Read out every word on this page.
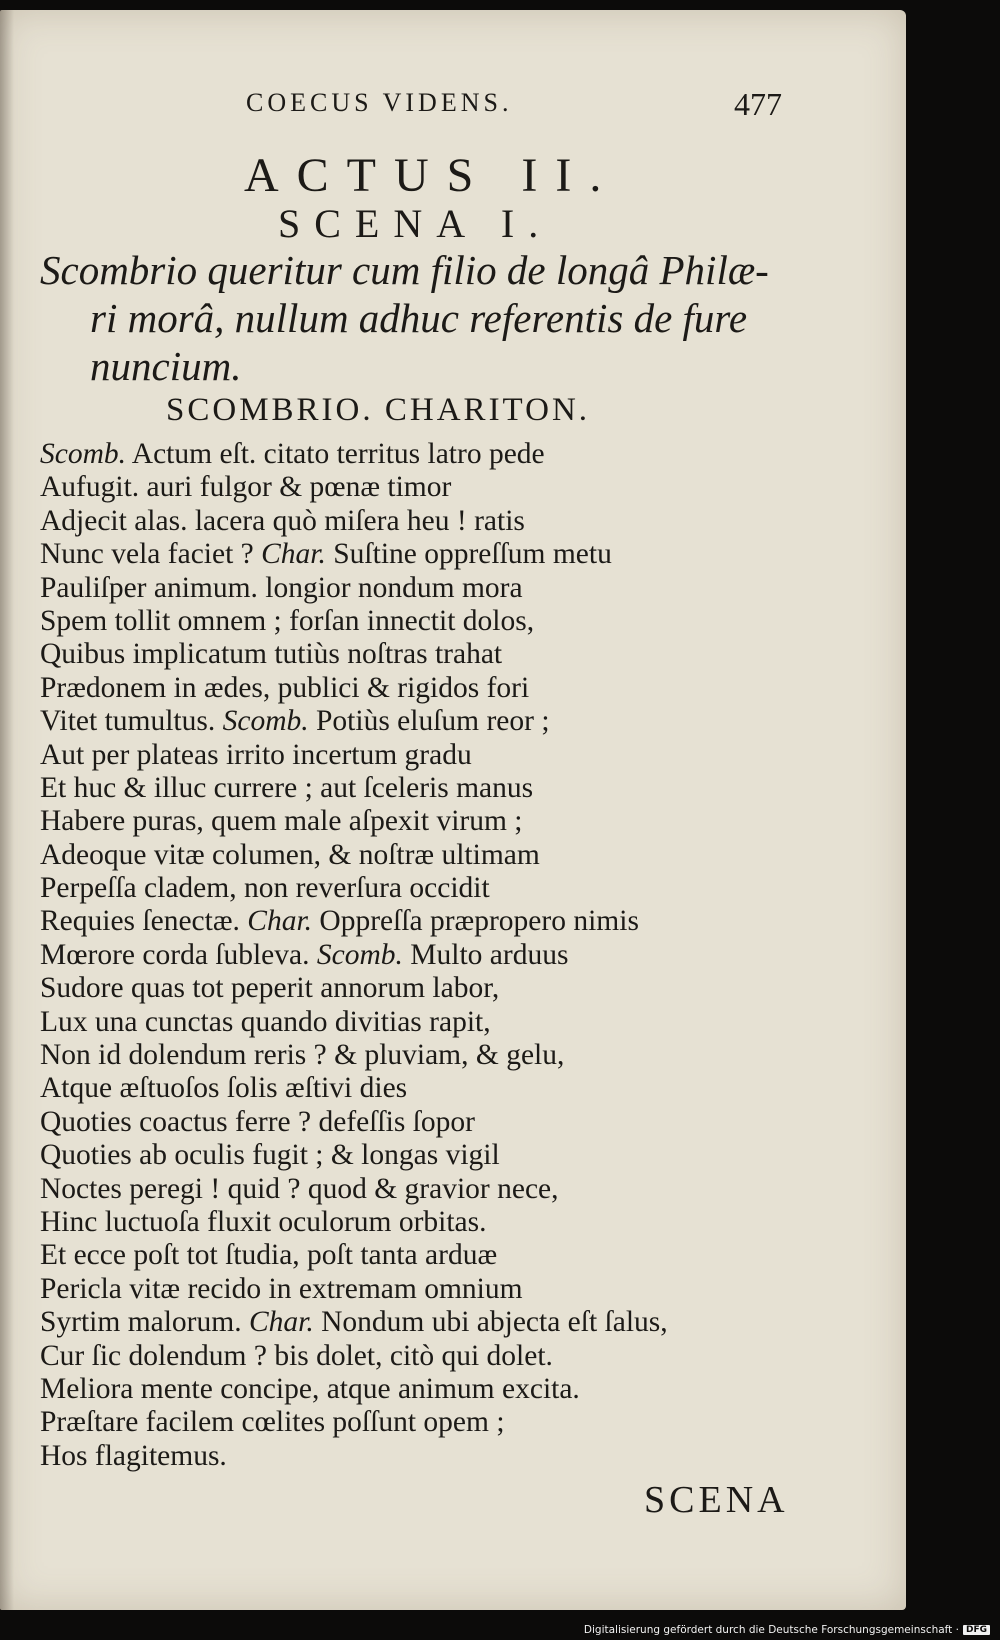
COECUS VIDENS.	477
ACTUS II.
SCENA I.

Scombrio queritur cum filio de longâ Philæ-
ri morâ, nullum adhuc referentis de fure
nuncium.

SCOMBRIO. CHARITON.
Scomb. Actum eſt. citato territus latro pede
Aufugit. auri fulgor & pœnæ timor
Adjecit alas. lacera quò miſera heu ! ratis
Nunc vela faciet ? Char. Suſtine oppreſſum metu
Pauliſper animum. longior nondum mora
Spem tollit omnem ; forſan innectit dolos,
Quibus implicatum tutiùs noſtras trahat
Prædonem in ædes, publici & rigidos fori
Vitet tumultus. Scomb. Potiùs eluſum reor ;
Aut per plateas irrito incertum gradu
Et huc & illuc currere ; aut ſceleris manus
Habere puras, quem male aſpexit virum ;
Adeoque vitæ columen, & noſtræ ultimam
Perpeſſa cladem, non reverſura occidit
Requies ſenectæ. Char. Oppreſſa præpropero nimis
Mœrore corda ſubleva. Scomb. Multo arduus
Sudore quas tot peperit annorum labor,
Lux una cunctas quando divitias rapit,
Non id dolendum reris ? & pluviam, & gelu,
Atque æſtuoſos ſolis æſtivi dies
Quoties coactus ferre ? defeſſis ſopor
Quoties ab oculis fugit ; & longas vigil
Noctes peregi ! quid ? quod & gravior nece,
Hinc luctuoſa fluxit oculorum orbitas.
Et ecce poſt tot ſtudia, poſt tanta arduæ
Pericla vitæ recido in extremam omnium
Syrtim malorum. Char. Nondum ubi abjecta eſt ſalus,
Cur ſic dolendum ? bis dolet, citò qui dolet.
Meliora mente concipe, atque animum excita.
Præſtare facilem cœlites poſſunt opem ;
Hos flagitemus.
SCENA
Digitalisierung gefördert durch die Deutsche Forschungsgemeinschaft · DFG
